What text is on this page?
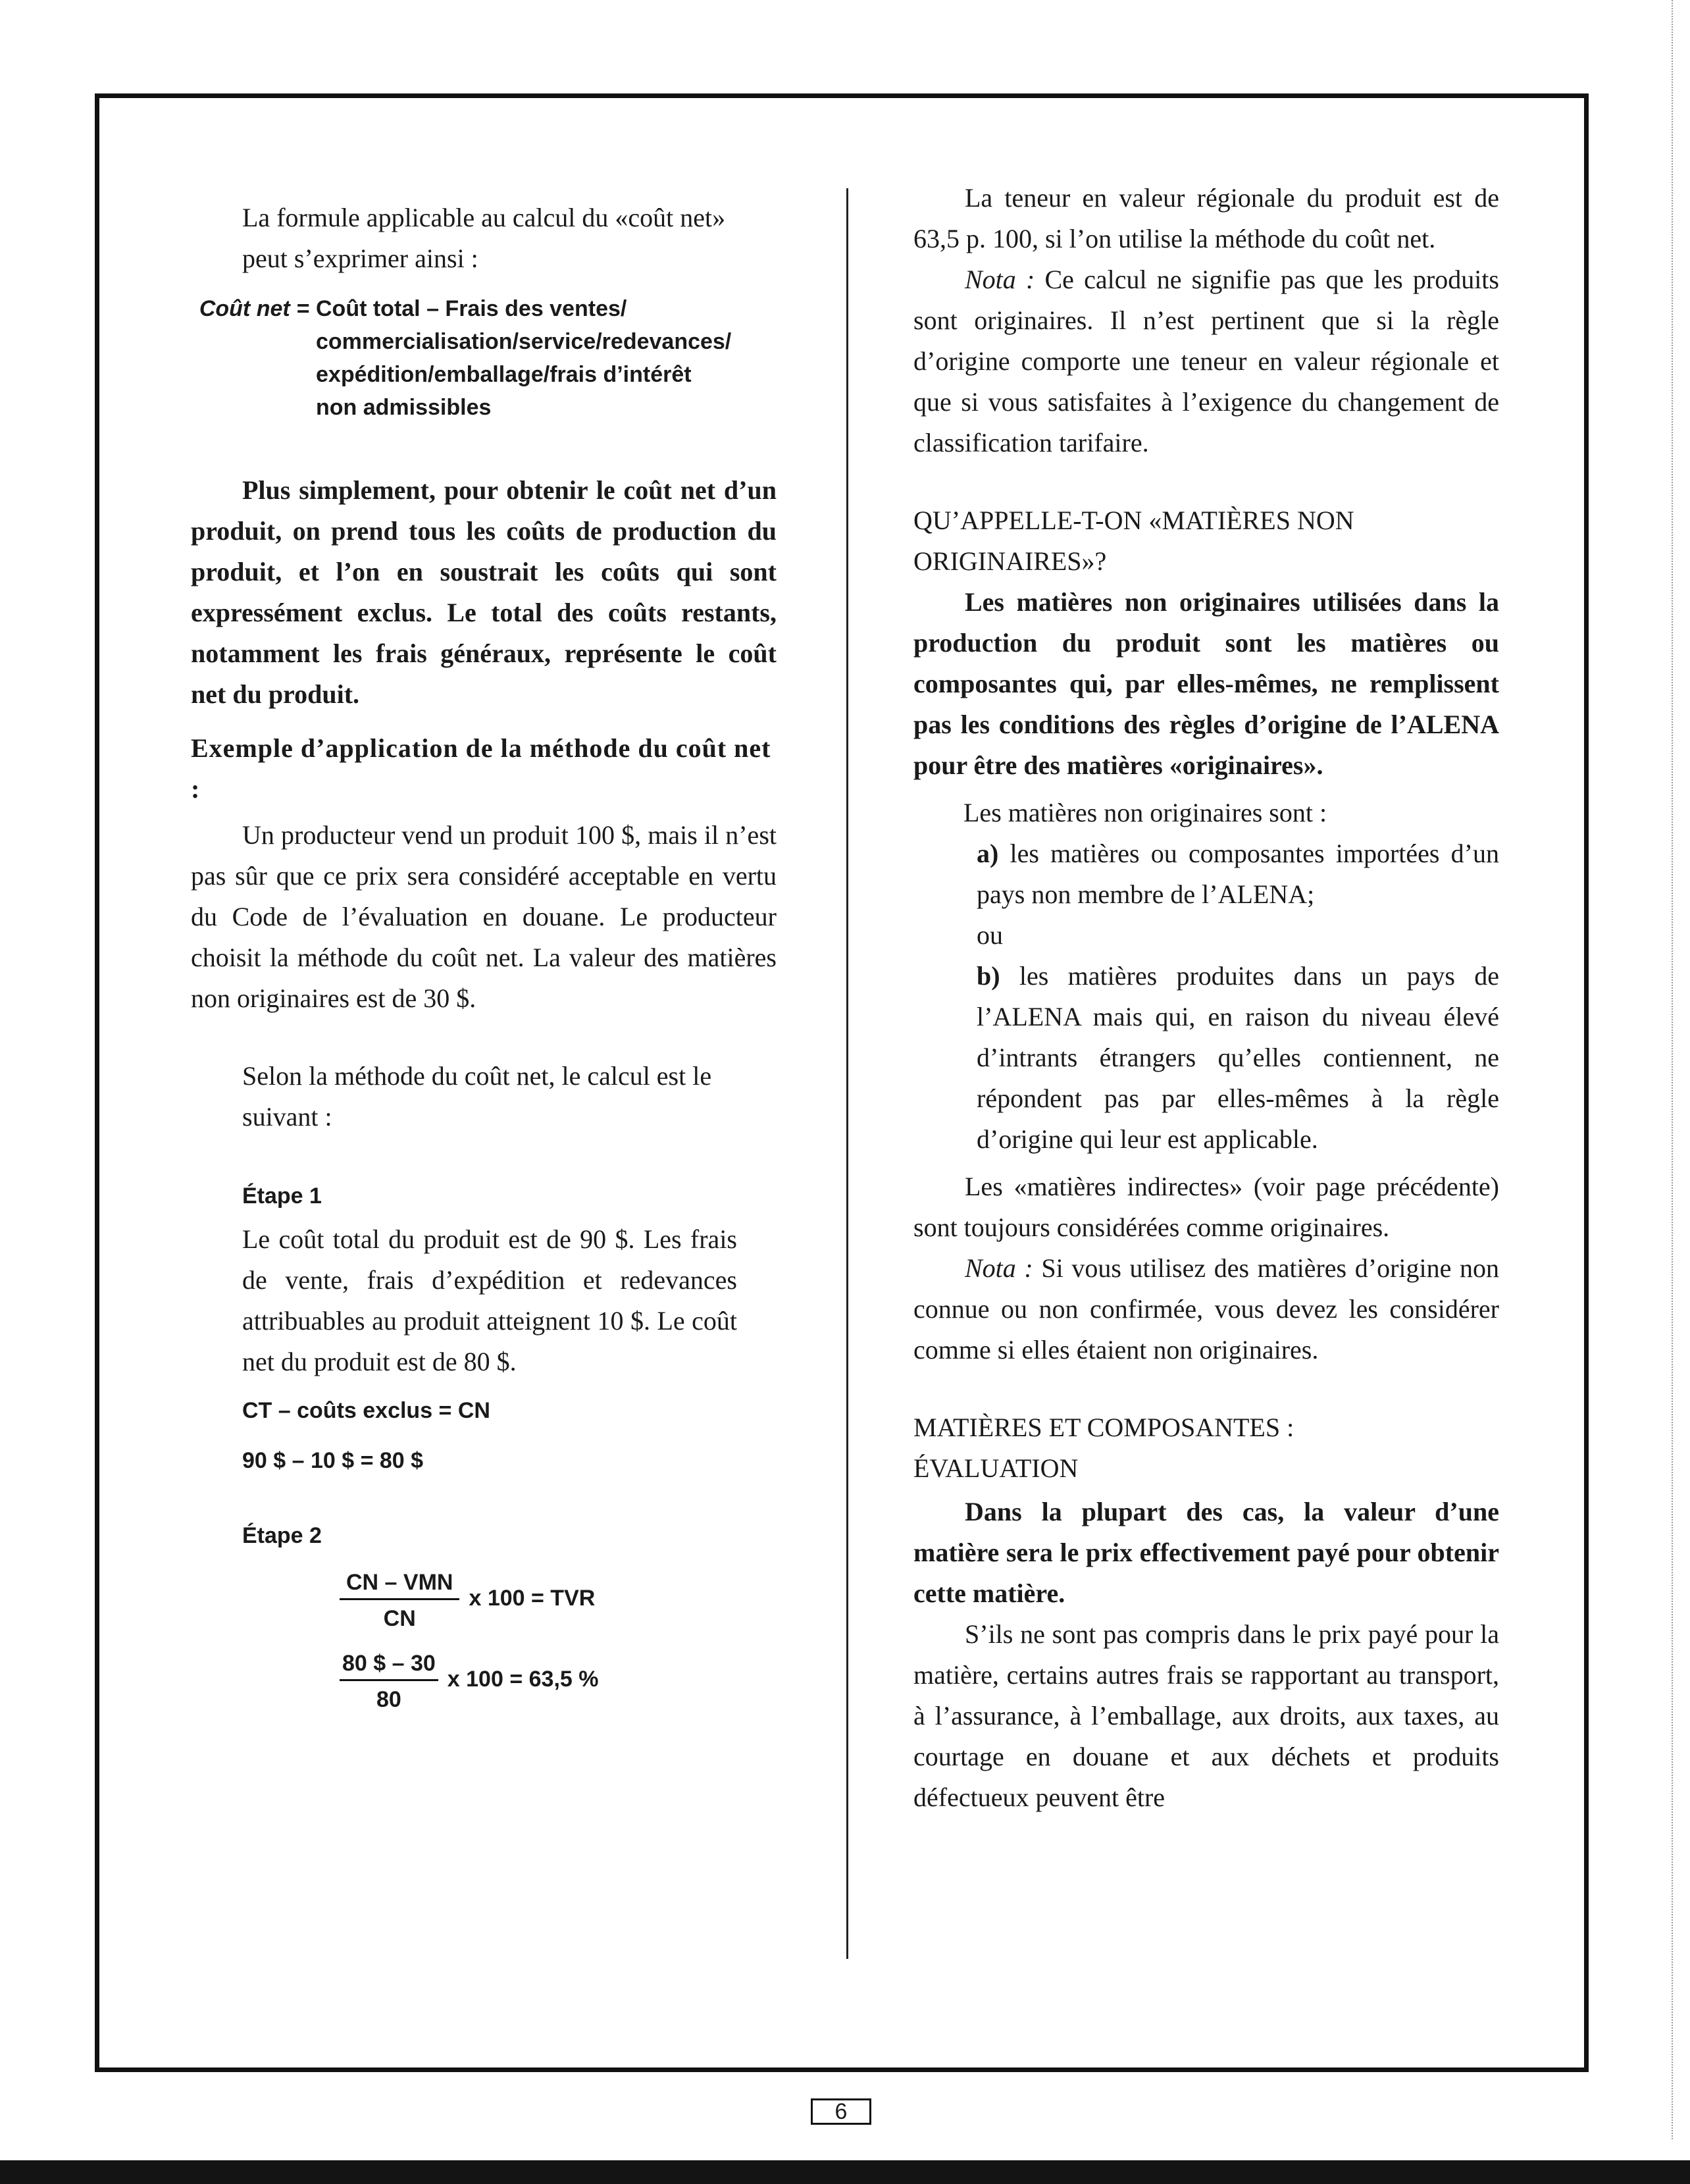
La formule applicable au calcul du «coût net» peut s’exprimer ainsi :

Coût net = Coût total – Frais des ventes/
commercialisation/service/redevances/
expédition/emballage/frais d’intérêt
non admissibles

Plus simplement, pour obtenir le coût net d’un produit, on prend tous les coûts de production du produit, et l’on en soustrait les coûts qui sont expressément exclus. Le total des coûts restants, notamment les frais généraux, représente le coût net du produit.

Exemple d’application de la méthode du coût net :

Un producteur vend un produit 100 $, mais il n’est pas sûr que ce prix sera considéré acceptable en vertu du Code de l’évaluation en douane. Le producteur choisit la méthode du coût net. La valeur des matières non originaires est de 30 $.

Selon la méthode du coût net, le calcul est le suivant :

Étape 1

Le coût total du produit est de 90 $. Les frais de vente, frais d’expédition et redevances attribuables au produit atteignent 10 $. Le coût net du produit est de 80 $.

CT – coûts exclus = CN
90 $ – 10 $ = 80 $
Étape 2
$\frac{\text{CN – VMN}}{CN}$ x 100 = TVR
$\frac{80 \$ - 30}{80}$ x 100 = 63,5 %

La teneur en valeur régionale du produit est de 63,5 p. 100, si l’on utilise la méthode du coût net.

Nota : Ce calcul ne signifie pas que les produits sont originaires. Il n’est pertinent que si la règle d’origine comporte une teneur en valeur régionale et que si vous satisfaites à l’exigence du changement de classification tarifaire.

QU’APPELLE-T-ON «MATIÈRES NON ORIGINAIRES»?

Les matières non originaires utilisées dans la production du produit sont les matières ou composantes qui, par elles-mêmes, ne remplissent pas les conditions des règles d’origine de l’ALENA pour être des matières «originaires».

Les matières non originaires sont :

a) les matières ou composantes importées d’un pays non membre de l’ALENA;

ou

b) les matières produites dans un pays de l’ALENA mais qui, en raison du niveau élevé d’intrants étrangers qu’elles contiennent, ne répondent pas par elles-mêmes à la règle d’origine qui leur est applicable.

Les «matières indirectes» (voir page précédente) sont toujours considérées comme originaires.

Nota : Si vous utilisez des matières d’origine non connue ou non confirmée, vous devez les considérer comme si elles étaient non originaires.

MATIÈRES ET COMPOSANTES : ÉVALUATION

Dans la plupart des cas, la valeur d’une matière sera le prix effectivement payé pour obtenir cette matière.

S’ils ne sont pas compris dans le prix payé pour la matière, certains autres frais se rapportant au transport, à l’assurance, à l’emballage, aux droits, aux taxes, au courtage en douane et aux déchets et produits défectueux peuvent être

6
